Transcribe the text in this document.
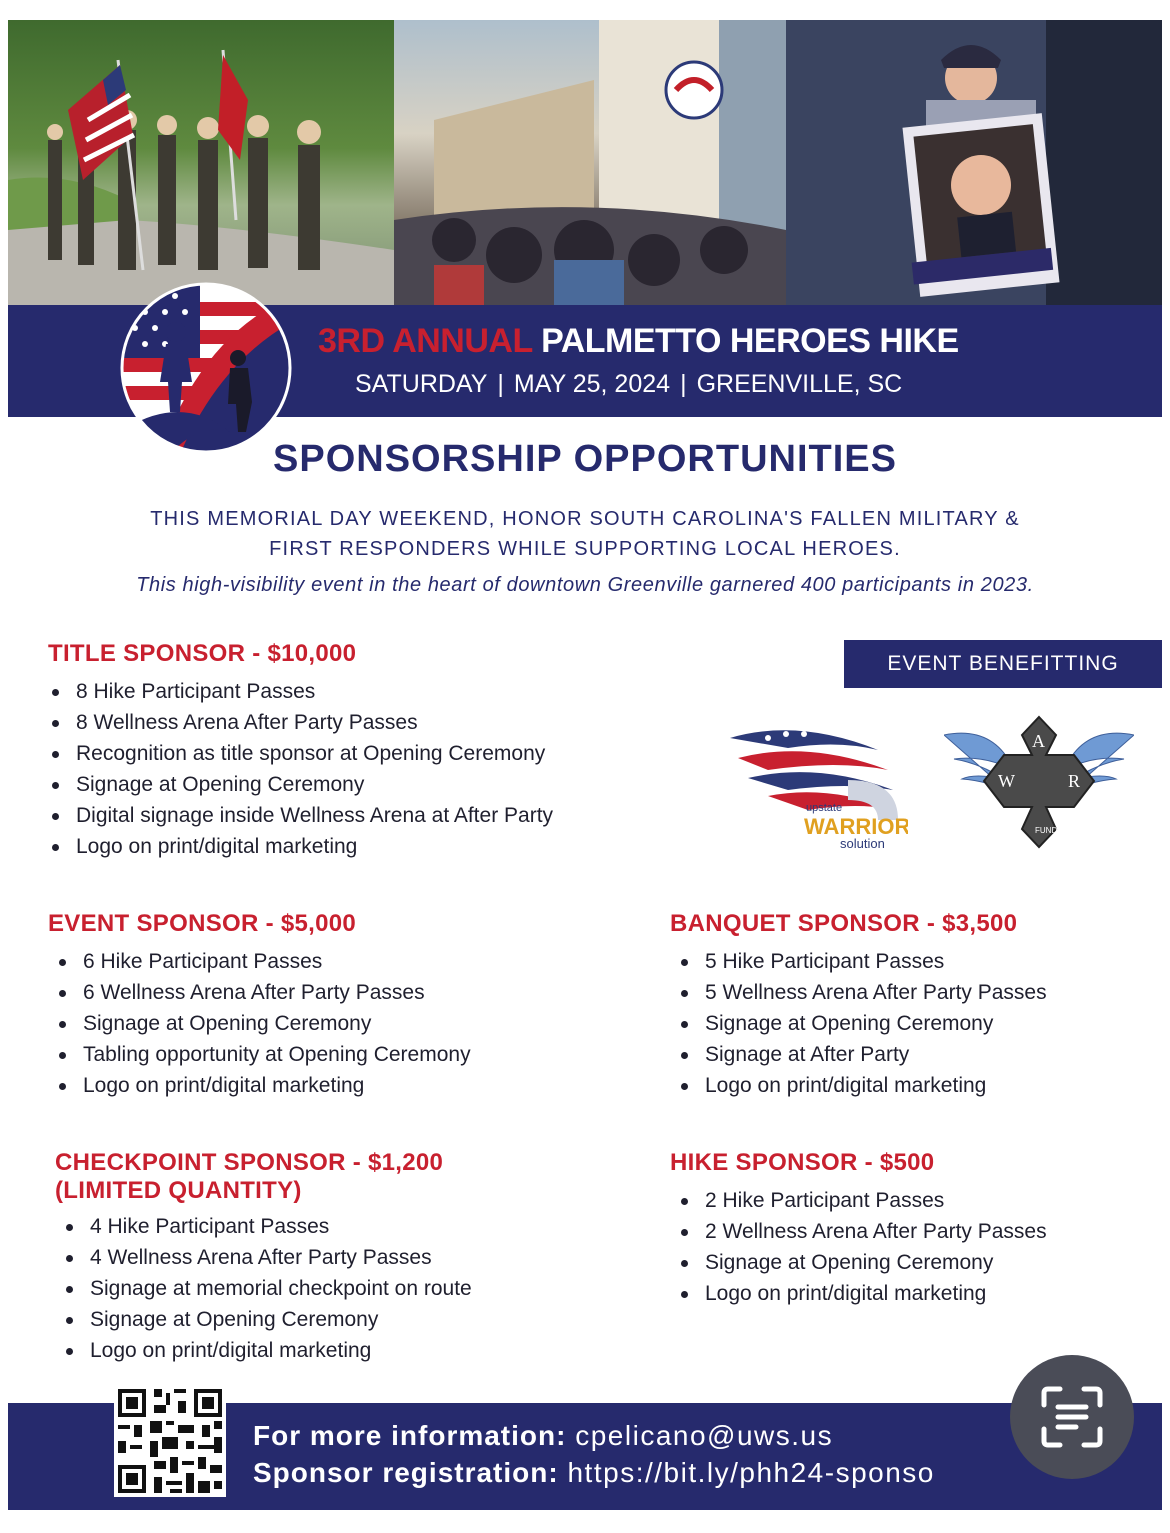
3RD ANNUAL PALMETTO HEROES HIKE
SATURDAY | MAY 25, 2024 | GREENVILLE, SC
SPONSORSHIP OPPORTUNITIES
THIS MEMORIAL DAY WEEKEND, HONOR SOUTH CAROLINA'S FALLEN MILITARY &
FIRST RESPONDERS WHILE SUPPORTING LOCAL HEROES.
This high-visibility event in the heart of downtown Greenville garnered 400 participants in 2023.
TITLE SPONSOR - $10,000
8 Hike Participant Passes
8 Wellness Arena After Party Passes
Recognition as title sponsor at Opening Ceremony
Signage at Opening Ceremony
Digital signage inside Wellness Arena at After Party
Logo on print/digital marketing
EVENT BENEFITTING
upstate
WARRIOR
solution
A
W	R
FUND
EVENT SPONSOR - $5,000
6 Hike Participant Passes
6 Wellness Arena After Party Passes
Signage at Opening Ceremony
Tabling opportunity at Opening Ceremony
Logo on print/digital marketing
BANQUET SPONSOR - $3,500
5 Hike Participant Passes
5 Wellness Arena After Party Passes
Signage at Opening Ceremony
Signage at After Party
Logo on print/digital marketing
CHECKPOINT SPONSOR - $1,200
(LIMITED QUANTITY)
4 Hike Participant Passes
4 Wellness Arena After Party Passes
Signage at memorial checkpoint on route
Signage at Opening Ceremony
Logo on print/digital marketing
HIKE SPONSOR - $500
2 Hike Participant Passes
2 Wellness Arena After Party Passes
Signage at Opening Ceremony
Logo on print/digital marketing
For more information: cpelicano@uws.us
Sponsor registration: https://bit.ly/phh24-sponso
